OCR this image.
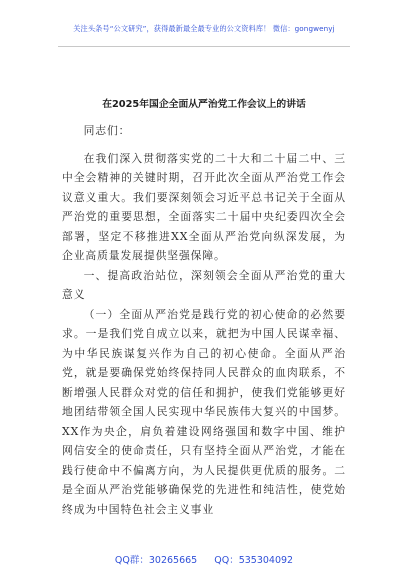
关注头条号“公文研究”，获得最新最全最专业的公文资料库！ 微信：gongwenyj
在2025年国企全面从严治党工作会议上的讲话

同志们：

在我们深入贯彻落实党的二十大和二十届二中、三中全会精神的关键时期，召开此次全面从严治党工作会议意义重大。我们要深刻领会习近平总书记关于全面从严治党的重要思想，全面落实二十届中央纪委四次全会部署，坚定不移推进XX全面从严治党向纵深发展，为企业高质量发展提供坚强保障。

一、提高政治站位，深刻领会全面从严治党的重大意义

（一）全面从严治党是践行党的初心使命的必然要求。一是我们党自成立以来，就把为中国人民谋幸福、为中华民族谋复兴作为自己的初心使命。全面从严治党，就是要确保党始终保持同人民群众的血肉联系，不断增强人民群众对党的信任和拥护，使我们党能够更好地团结带领全国人民实现中华民族伟大复兴的中国梦。XX作为央企，肩负着建设网络强国和数字中国、维护网信安全的使命责任，只有坚持全面从严治党，才能在践行使命中不偏离方向，为人民提供更优质的服务。二是全面从严治党能够确保党的先进性和纯洁性，使党始终成为中国特色社会主义事业

QQ群：30265665 QQ：535304092
